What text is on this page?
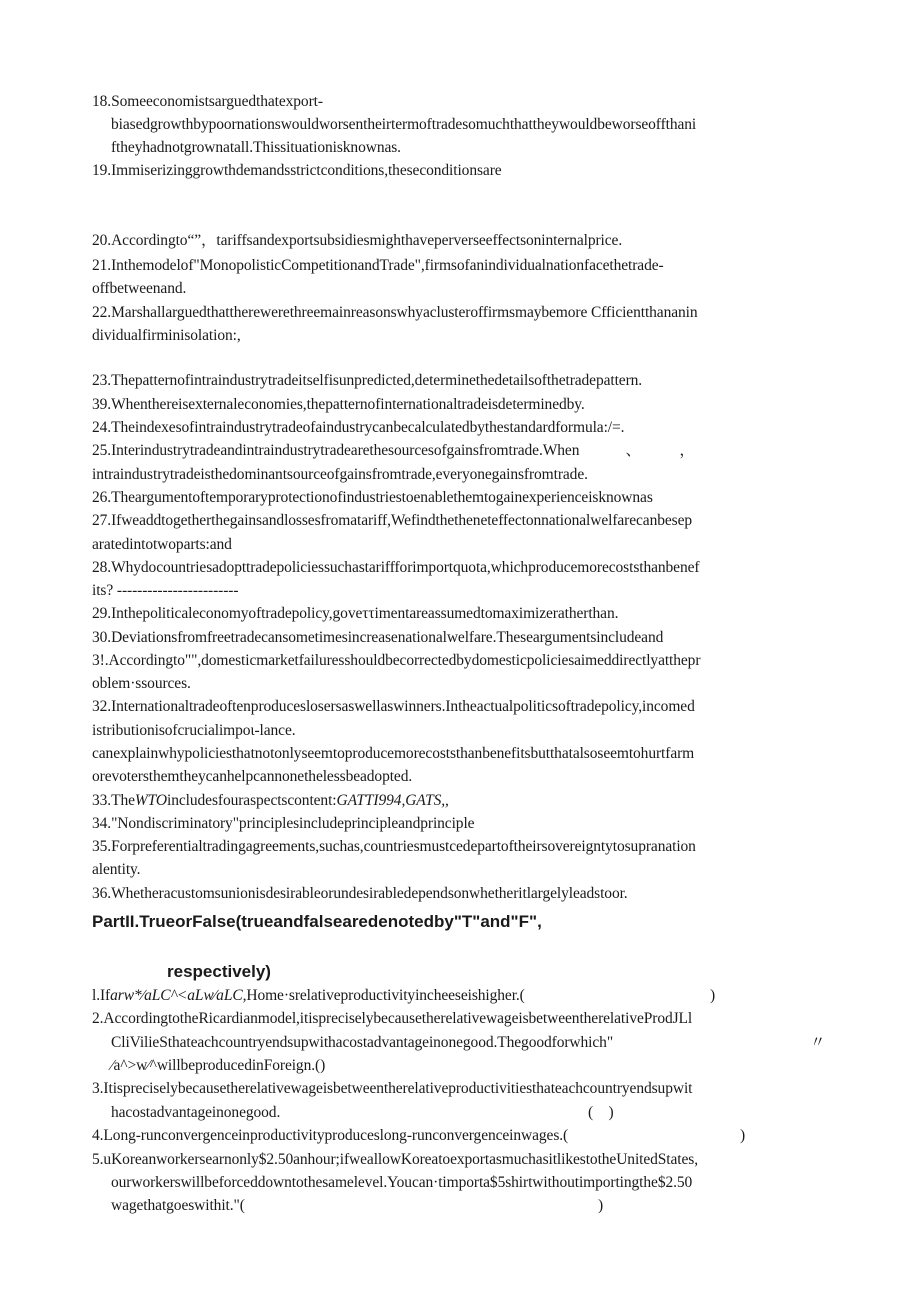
18.Someeconomistsarguedthatexport-
biasedgrowthbypoornationswouldworsentheirtermoftradesomuchthattheywouldbeworseoffthani
ftheyhadnotgrownatall.Thissituationisknownas.
19.Immiserizinggrowthdemandsstrictconditions,theseconditionsare
20.Accordingto“”，tariffsandexportsubsidiesmighthaveperverseeffectsoninternalprice.
21.Inthemodelof"MonopolisticCompetitionandTrade",firmsofanindividualnationfacethetrade-
offbetweenand.
22.Marshallarguedthattherewerethreemainreasonswhyaclusteroffirmsmaybemore Cfficientthananin
dividualfirminisolation:,
23.Thepatternofintraindustrytradeitselfisunpredicted,determinethedetailsofthetradepattern.
39.Whenthereisexternaleconomies,thepatternofinternationaltradeisdeterminedby.
24.Theindexesofintraindustrytradeofaindustrycanbecalculatedbythestandardformula:/=.
25.Interindustrytradeandintraindustrytradearethesourcesofgainsfromtrade.When　　　、　　　，
intraindustrytradeisthedominantsourceofgainsfromtrade,everyonegainsfromtrade.
26.Theargumentoftemporaryprotectionofindustriestoenablethemtogainexperienceisknownas
27.Ifweaddtogetherthegainsandlossesfromatariff,Wefindthetheneteffectonnationalwelfarecanbesep
aratedintotwoparts:and
28.Whydocountriesadopttradepoliciessuchastariffforimportquota,whichproducemorecoststhanbenef
its? ------------------------
29.Inthepoliticaleconomyoftradepolicy,goveττimentareassumedtomaximizeratherthan.
30.Deviationsfromfreetradecansometimesincreasenationalwelfare.Theseargumentsincludeand
3!.Accordingto"",domesticmarketfailuresshouldbecorrectedbydomesticpoliciesaimeddirectlyatthepr
oblem·ssources.
32.Internationaltradeoftenproduceslosersaswellaswinners.Intheactualpoliticsoftradepolicy,incomed
istributionisofcrucialimpoι-lance.
canexplainwhypoliciesthatnotonlyseemtoproducemorecoststhanbenefitsbutthatalsoseemtohurtfarm
orevotersthemtheycanhelpcannonethelessbeadopted.
33.TheWTOincludesfouraspectscontent:GATTI994,GATS,,
34."Nondiscriminatory"principlesincludeprincipleandprinciple
35.Forpreferentialtradingagreements,suchas,countriesmustcedepartoftheirsovereigntytosupranation
alentity.
36.Whetheracustomsunionisdesirableorundesirabledependsonwhetheritlargelyleadstoor.
PartII.TrueorFalse(trueandfalsearedenotedby"T"and"F",
respectively)
l.Ifarw*∕aLC^<aLw∕aLC,Home·srelativeproductivityincheeseishigher.(	)
2.AccordingtotheRicardianmodel,itispreciselybecausetherelativewageisbetweentherelativeProdJLl
CliVilieSthateachcountryendsupwithacostadvantageinonegood.Thegoodforwhich"	〃
∕a^>w∕^willbeproducedinForeign.()
3.Itispreciselybecausetherelativewageisbetweentherelativeproductivitiesthateachcountryendsupwit
hacostadvantageinonegood.	(　)
4.Long-runconvergenceinproductivityproduceslong-runconvergenceinwages.(	)
5.uKoreanworkersearnonly$2.50anhour;ifweallowKoreatoexportasmuchasitlikestotheUnitedStates,
ourworkerswillbeforceddowntothesamelevel.Youcan·timporta$5shirtwithoutimportingthe$2.50
wagethatgoeswithit."(	)
